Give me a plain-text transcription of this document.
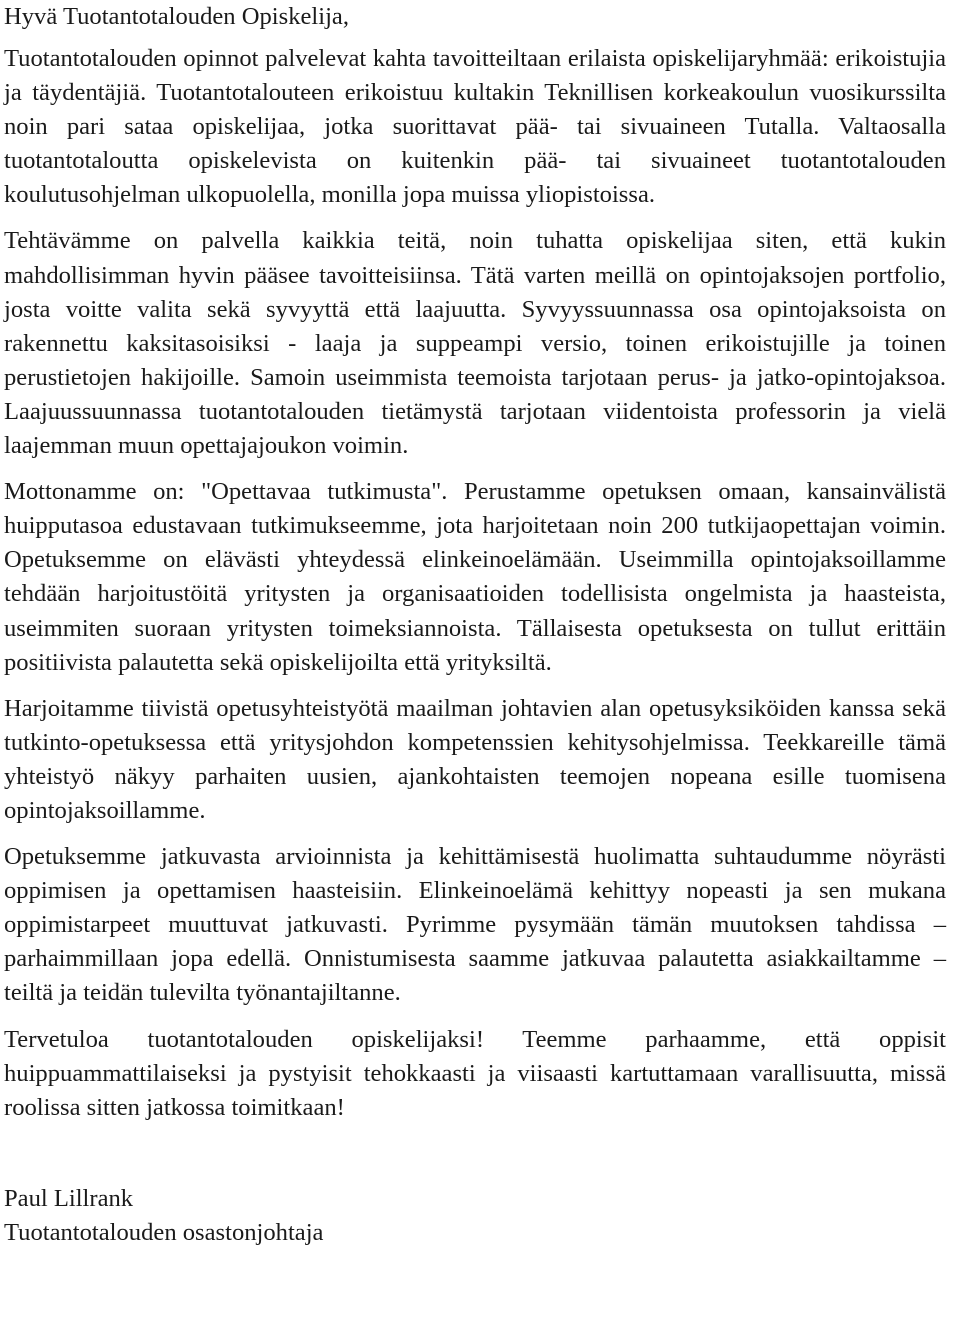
Hyvä Tuotantotalouden Opiskelija,

Tuotantotalouden opinnot palvelevat kahta tavoitteiltaan erilaista opiskelijaryhmää: erikoistujia ja täydentäjiä. Tuotantotalouteen erikoistuu kultakin Teknillisen korkeakoulun vuosikurssilta noin pari sataa opiskelijaa, jotka suorittavat pää- tai sivuaineen Tutalla. Valtaosalla tuotantotaloutta opiskelevista on kuitenkin pää- tai sivuaineet tuotantotalouden koulutusohjelman ulkopuolella, monilla jopa muissa yliopistoissa.

Tehtävämme on palvella kaikkia teitä, noin tuhatta opiskelijaa siten, että kukin mahdollisimman hyvin pääsee tavoitteisiinsa. Tätä varten meillä on opintojaksojen portfolio, josta voitte valita sekä syvyyttä että laajuutta. Syvyyssuunnassa osa opintojaksoista on rakennettu kaksitasoisiksi - laaja ja suppeampi versio, toinen erikoistujille ja toinen perustietojen hakijoille. Samoin useimmista teemoista tarjotaan perus- ja jatko-opintojaksoa. Laajuussuunnassa tuotantotalouden tietämystä tarjotaan viidentoista professorin ja vielä laajemman muun opettajajoukon voimin.

Mottonamme on: "Opettavaa tutkimusta". Perustamme opetuksen omaan, kansainvälistä huipputasoa edustavaan tutkimukseemme, jota harjoitetaan noin 200 tutkijaopettajan voimin. Opetuksemme on elävästi yhteydessä elinkeinoelämään. Useimmilla opintojaksoillamme tehdään harjoitustöitä yritysten ja organisaatioiden todellisista ongelmista ja haasteista, useimmiten suoraan yritysten toimeksiannoista. Tällaisesta opetuksesta on tullut erittäin positiivista palautetta sekä opiskelijoilta että yrityksiltä.

Harjoitamme tiivistä opetusyhteistyötä maailman johtavien alan opetusyksiköiden kanssa sekä tutkinto-opetuksessa että yritysjohdon kompetenssien kehitysohjelmissa. Teekkareille tämä yhteistyö näkyy parhaiten uusien, ajankohtaisten teemojen nopeana esille tuomisena opintojaksoillamme.

Opetuksemme jatkuvasta arvioinnista ja kehittämisestä huolimatta suhtaudumme nöyrästi oppimisen ja opettamisen haasteisiin. Elinkeinoelämä kehittyy nopeasti ja sen mukana oppimistarpeet muuttuvat jatkuvasti. Pyrimme pysymään tämän muutoksen tahdissa – parhaimmillaan jopa edellä. Onnistumisesta saamme jatkuvaa palautetta asiakkailtamme – teiltä ja teidän tulevilta työnantajiltanne.

Tervetuloa tuotantotalouden opiskelijaksi! Teemme parhaamme, että oppisit huippuammattilaiseksi ja pystyisit tehokkaasti ja viisaasti kartuttamaan varallisuutta, missä roolissa sitten jatkossa toimitkaan!

Paul Lillrank
Tuotantotalouden osastonjohtaja
